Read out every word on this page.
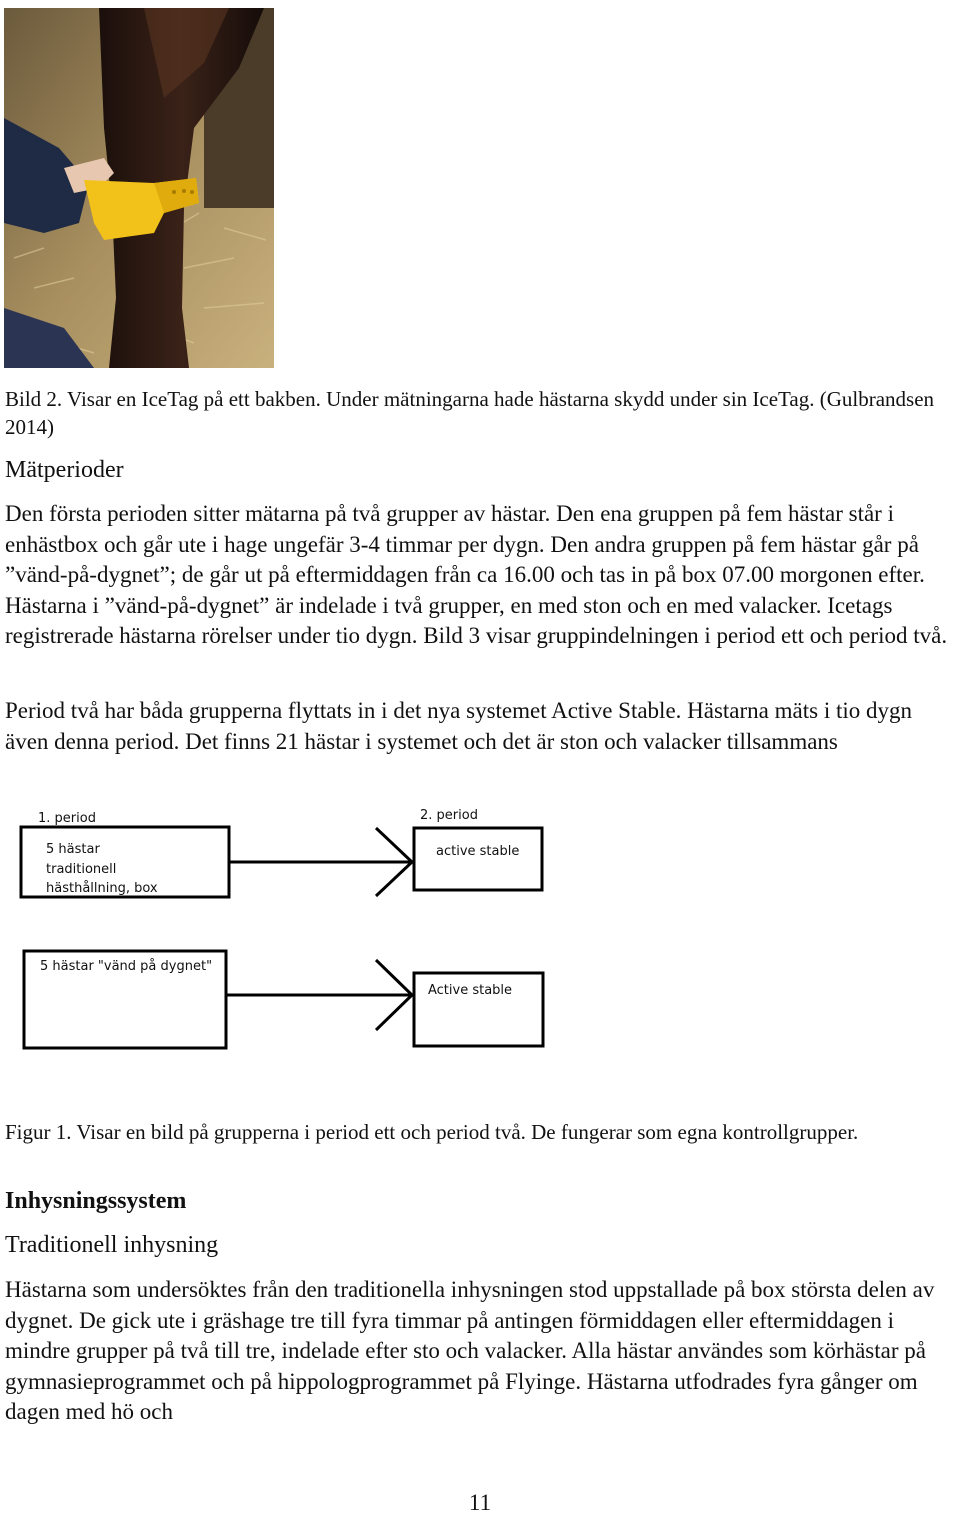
Bild 2. Visar en IceTag på ett bakben. Under mätningarna hade hästarna skydd under sin IceTag. (Gulbrandsen 2014)

Mätperioder

Den första perioden sitter mätarna på två grupper av hästar. Den ena gruppen på fem hästar står i enhästbox och går ute i hage ungefär 3-4 timmar per dygn. Den andra gruppen på fem hästar går på ”vänd-på-dygnet”; de går ut på eftermiddagen från ca 16.00 och tas in på box 07.00 morgonen efter. Hästarna i ”vänd-på-dygnet” är indelade i två grupper, en med ston och en med valacker. Icetags registrerade hästarna rörelser under tio dygn. Bild 3 visar gruppindelningen i period ett och period två.

Period två har båda grupperna flyttats in i det nya systemet Active Stable. Hästarna mäts i tio dygn även denna period. Det finns 21 hästar i systemet och det är ston och valacker tillsammans

1. period	2. period
5 hästar
traditionell
hästhållning, box
active stable
5 hästar "vänd på dygnet"
Active stable

Figur 1. Visar en bild på grupperna i period ett och period två. De fungerar som egna kontrollgrupper.

Inhysningssystem
Traditionell inhysning

Hästarna som undersöktes från den traditionella inhysningen stod uppstallade på box största delen av dygnet. De gick ute i gräshage tre till fyra timmar på antingen förmiddagen eller eftermiddagen i mindre grupper på två till tre, indelade efter sto och valacker. Alla hästar användes som körhästar på gymnasieprogrammet och på hippologprogrammet på Flyinge. Hästarna utfodrades fyra gånger om dagen med hö och

11
